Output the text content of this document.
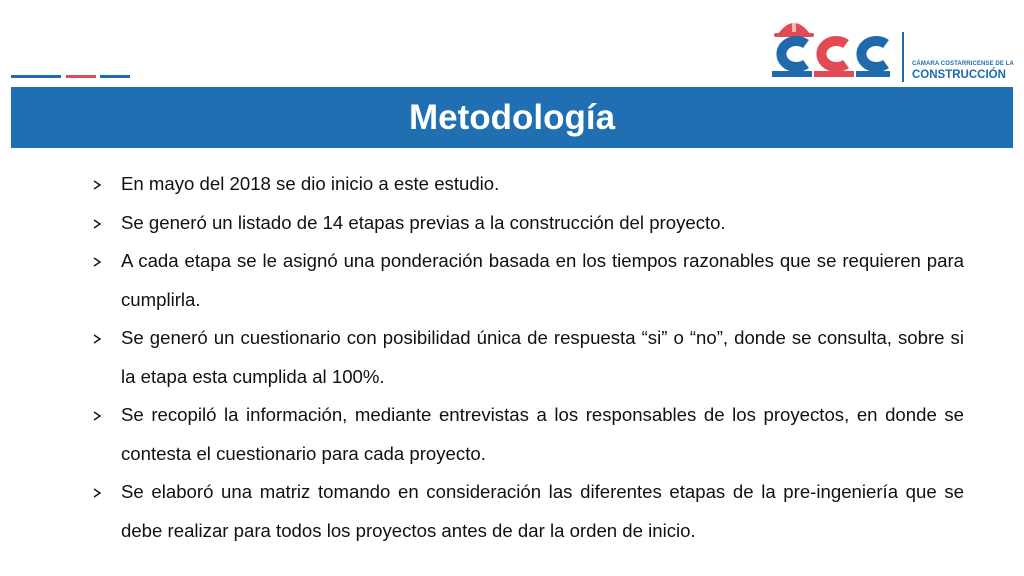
CÁMARA COSTARRICENSE DE LA
CONSTRUCCIÓN
Metodología
En mayo del 2018 se dio inicio a este estudio.
Se generó un listado de 14 etapas previas a la construcción del proyecto.
A cada etapa se le asignó una ponderación basada en los tiempos razonables que se requieren para cumplirla.
Se generó un cuestionario con posibilidad única de respuesta “si” o “no”, donde se consulta, sobre si la etapa esta cumplida al 100%.
Se recopiló la información, mediante entrevistas a los responsables de los proyectos, en donde se contesta el cuestionario para cada proyecto.
Se elaboró una matriz tomando en consideración las diferentes etapas de la pre-ingeniería que se debe realizar para todos los proyectos antes de dar la orden de inicio.
